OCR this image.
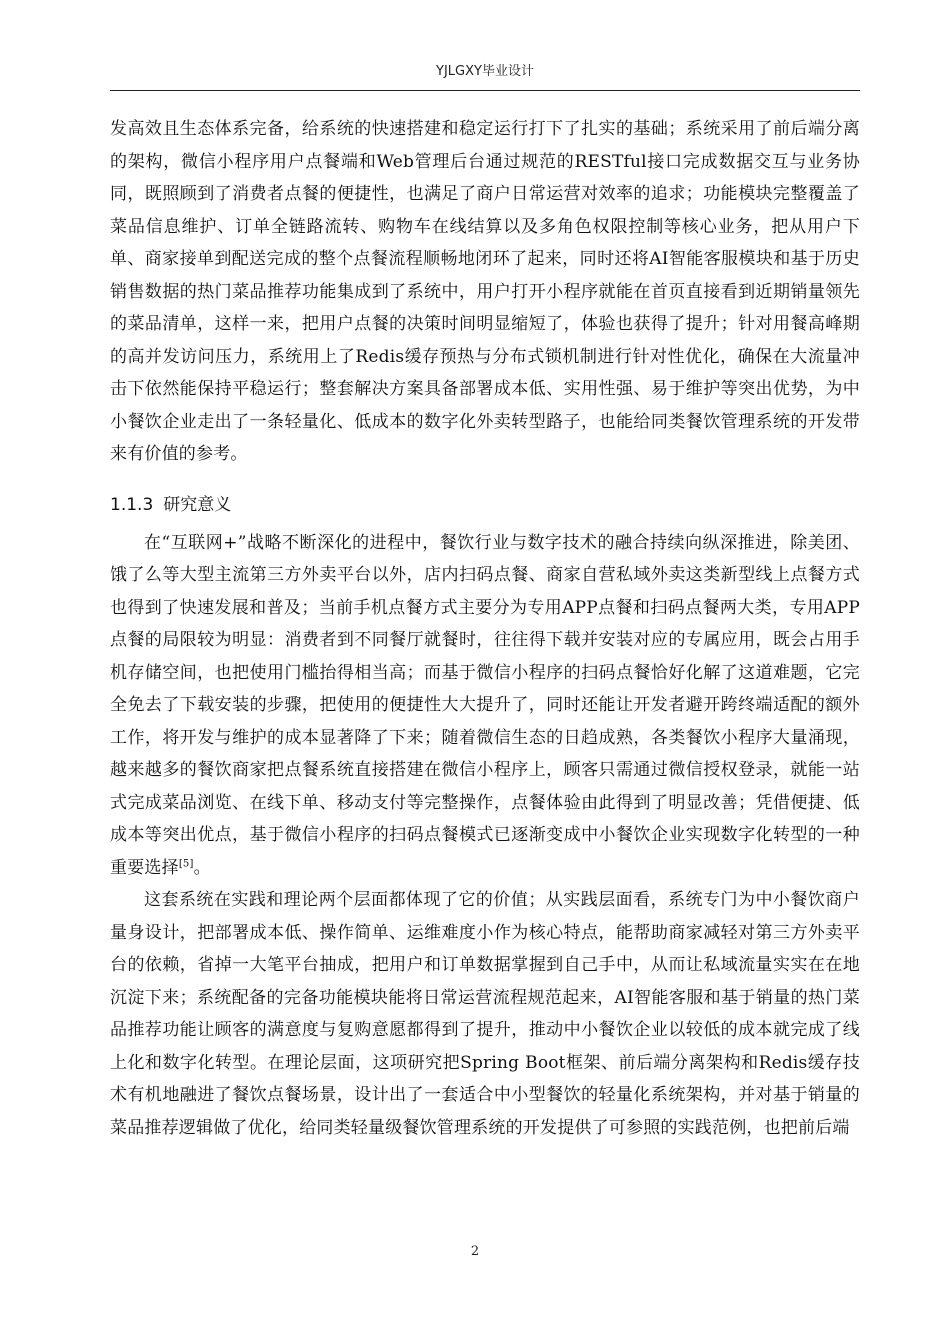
YJLGXY毕业设计

发高效且生态体系完备，给系统的快速搭建和稳定运行打下了扎实的基础；系统采用了前后端分离的架构，微信小程序用户点餐端和Web管理后台通过规范的RESTful接口完成数据交互与业务协同，既照顾到了消费者点餐的便捷性，也满足了商户日常运营对效率的追求；功能模块完整覆盖了菜品信息维护、订单全链路流转、购物车在线结算以及多角色权限控制等核心业务，把从用户下单、商家接单到配送完成的整个点餐流程顺畅地闭环了起来，同时还将AI智能客服模块和基于历史销售数据的热门菜品推荐功能集成到了系统中，用户打开小程序就能在首页直接看到近期销量领先的菜品清单，这样一来，把用户点餐的决策时间明显缩短了，体验也获得了提升；针对用餐高峰期的高并发访问压力，系统用上了Redis缓存预热与分布式锁机制进行针对性优化，确保在大流量冲击下依然能保持平稳运行；整套解决方案具备部署成本低、实用性强、易于维护等突出优势，为中小餐饮企业走出了一条轻量化、低成本的数字化外卖转型路子，也能给同类餐饮管理系统的开发带来有价值的参考。

1.1.3 研究意义

在“互联网+”战略不断深化的进程中，餐饮行业与数字技术的融合持续向纵深推进，除美团、饿了么等大型主流第三方外卖平台以外，店内扫码点餐、商家自营私域外卖这类新型线上点餐方式也得到了快速发展和普及；当前手机点餐方式主要分为专用APP点餐和扫码点餐两大类，专用APP点餐的局限较为明显：消费者到不同餐厅就餐时，往往得下载并安装对应的专属应用，既会占用手机存储空间，也把使用门槛抬得相当高；而基于微信小程序的扫码点餐恰好化解了这道难题，它完全免去了下载安装的步骤，把使用的便捷性大大提升了，同时还能让开发者避开跨终端适配的额外工作，将开发与维护的成本显著降了下来；随着微信生态的日趋成熟，各类餐饮小程序大量涌现，越来越多的餐饮商家把点餐系统直接搭建在微信小程序上，顾客只需通过微信授权登录，就能一站式完成菜品浏览、在线下单、移动支付等完整操作，点餐体验由此得到了明显改善；凭借便捷、低成本等突出优点，基于微信小程序的扫码点餐模式已逐渐变成中小餐饮企业实现数字化转型的一种重要选择[5]。

这套系统在实践和理论两个层面都体现了它的价值；从实践层面看，系统专门为中小餐饮商户量身设计，把部署成本低、操作简单、运维难度小作为核心特点，能帮助商家减轻对第三方外卖平台的依赖，省掉一大笔平台抽成，把用户和订单数据掌握到自己手中，从而让私域流量实实在在地沉淀下来；系统配备的完备功能模块能将日常运营流程规范起来，AI智能客服和基于销量的热门菜品推荐功能让顾客的满意度与复购意愿都得到了提升，推动中小餐饮企业以较低的成本就完成了线上化和数字化转型。在理论层面，这项研究把Spring Boot框架、前后端分离架构和Redis缓存技术有机地融进了餐饮点餐场景，设计出了一套适合中小型餐饮的轻量化系统架构，并对基于销量的菜品推荐逻辑做了优化，给同类轻量级餐饮管理系统的开发提供了可参照的实践范例，也把前后端

2
